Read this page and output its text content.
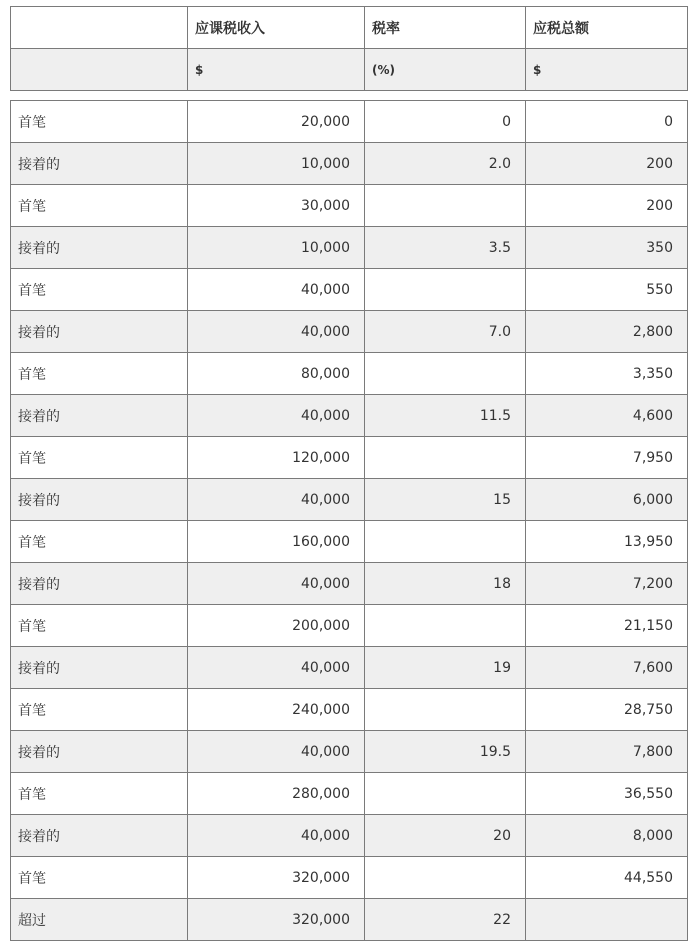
	应课税收入	税率	应税总额
	$	(%)	$
首笔	20,000	0	0
接着的	10,000	2.0	200
首笔	30,000		200
接着的	10,000	3.5	350
首笔	40,000		550
接着的	40,000	7.0	2,800
首笔	80,000		3,350
接着的	40,000	11.5	4,600
首笔	120,000		7,950
接着的	40,000	15	6,000
首笔	160,000		13,950
接着的	40,000	18	7,200
首笔	200,000		21,150
接着的	40,000	19	7,600
首笔	240,000		28,750
接着的	40,000	19.5	7,800
首笔	280,000		36,550
接着的	40,000	20	8,000
首笔	320,000		44,550
超过	320,000	22	
